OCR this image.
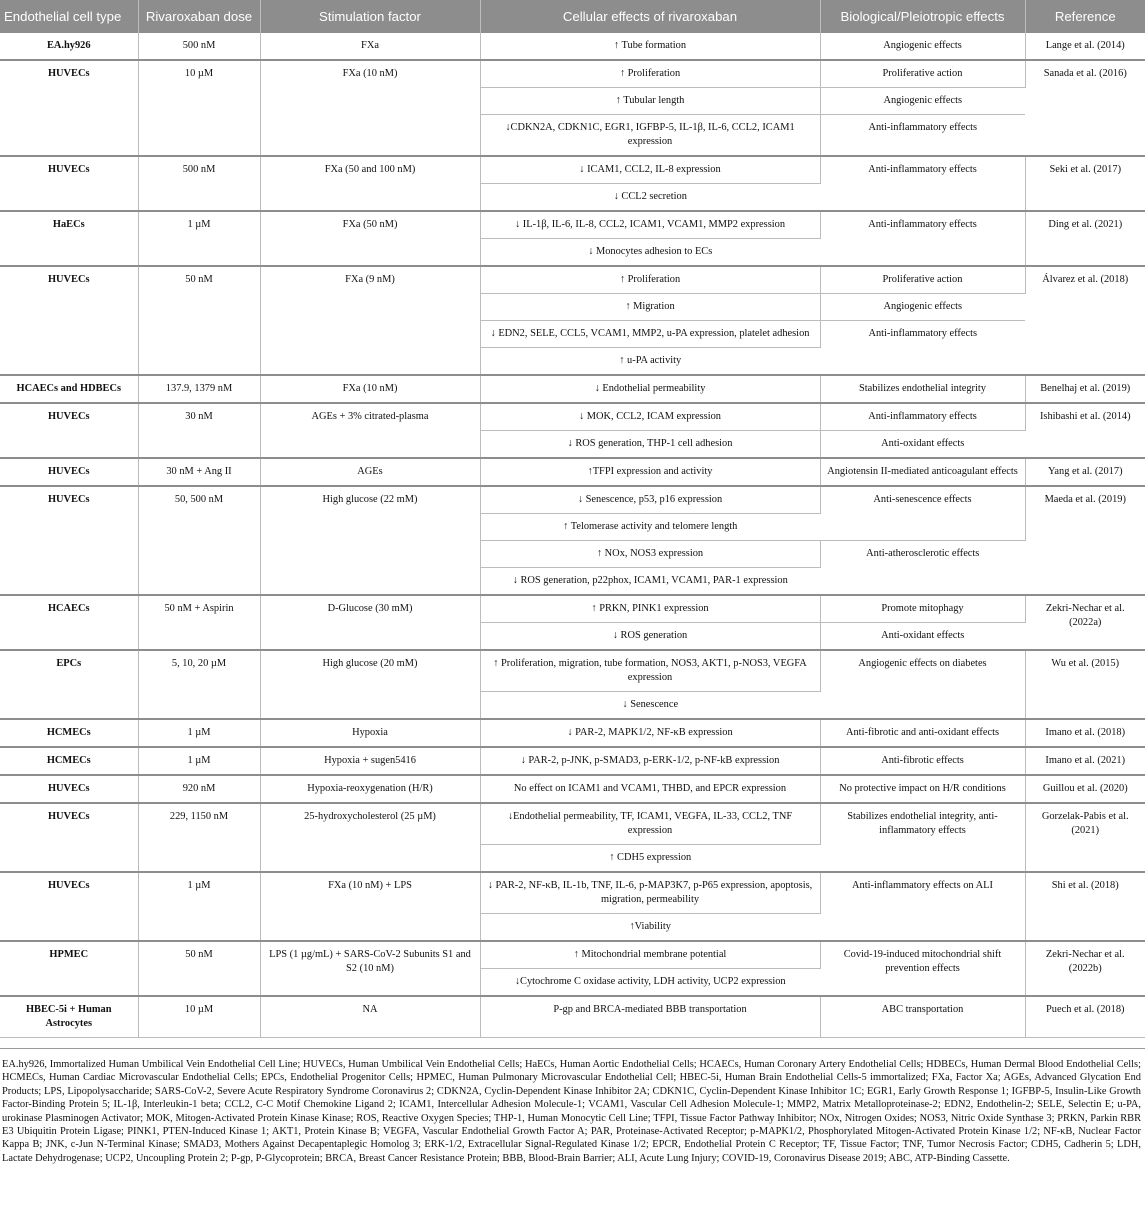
Endothelial cell type	Rivaroxaban dose	Stimulation factor	Cellular effects of rivaroxaban	Biological/Pleiotropic effects	Reference
EA.hy926	500 nM	FXa	↑ Tube formation	Angiogenic effects	Lange et al. (2014)
HUVECs	10 µM	FXa (10 nM)	↑ Proliferation	Proliferative action	Sanada et al. (2016)
			↑ Tubular length	Angiogenic effects	
			↓CDKN2A, CDKN1C, EGR1, IGFBP-5, IL-1β, IL-6, CCL2, ICAM1 expression	Anti-inflammatory effects	
HUVECs	500 nM	FXa (50 and 100 nM)	↓ ICAM1, CCL2, IL-8 expression	Anti-inflammatory effects	Seki et al. (2017)
			↓ CCL2 secretion		
HaECs	1 µM	FXa (50 nM)	↓ IL-1β, IL-6, IL-8, CCL2, ICAM1, VCAM1, MMP2 expression	Anti-inflammatory effects	Ding et al. (2021)
			↓ Monocytes adhesion to ECs		
HUVECs	50 nM	FXa (9 nM)	↑ Proliferation	Proliferative action	Álvarez et al. (2018)
			↑ Migration	Angiogenic effects	
			↓ EDN2, SELE, CCL5, VCAM1, MMP2, u-PA expression, platelet adhesion	Anti-inflammatory effects	
			↑ u-PA activity		
HCAECs and HDBECs	137.9, 1379 nM	FXa (10 nM)	↓ Endothelial permeability	Stabilizes endothelial integrity	Benelhaj et al. (2019)
HUVECs	30 nM	AGEs + 3% citrated-plasma	↓ MOK, CCL2, ICAM expression	Anti-inflammatory effects	Ishibashi et al. (2014)
			↓ ROS generation, THP-1 cell adhesion	Anti-oxidant effects	
HUVECs	30 nM + Ang II	AGEs	↑TFPI expression and activity	Angiotensin II-mediated anticoagulant effects	Yang et al. (2017)
HUVECs	50, 500 nM	High glucose (22 mM)	↓ Senescence, p53, p16 expression	Anti-senescence effects	Maeda et al. (2019)
			↑ Telomerase activity and telomere length		
			↑ NOx, NOS3 expression	Anti-atherosclerotic effects	
			↓ ROS generation, p22phox, ICAM1, VCAM1, PAR-1 expression		
HCAECs	50 nM + Aspirin	D-Glucose (30 mM)	↑ PRKN, PINK1 expression	Promote mitophagy	Zekri-Nechar et al. (2022a)
			↓ ROS generation	Anti-oxidant effects	
EPCs	5, 10, 20 µM	High glucose (20 mM)	↑ Proliferation, migration, tube formation, NOS3, AKT1, p-NOS3, VEGFA expression	Angiogenic effects on diabetes	Wu et al. (2015)
			↓ Senescence		
HCMECs	1 µM	Hypoxia	↓ PAR-2, MAPK1/2, NF-κB expression	Anti-fibrotic and anti-oxidant effects	Imano et al. (2018)
HCMECs	1 µM	Hypoxia + sugen5416	↓ PAR-2, p-JNK, p-SMAD3, p-ERK-1/2, p-NF-kB expression	Anti-fibrotic effects	Imano et al. (2021)
HUVECs	920 nM	Hypoxia-reoxygenation (H/R)	No effect on ICAM1 and VCAM1, THBD, and EPCR expression	No protective impact on H/R conditions	Guillou et al. (2020)
HUVECs	229, 1150 nM	25-hydroxycholesterol (25 µM)	↓Endothelial permeability, TF, ICAM1, VEGFA, IL-33, CCL2, TNF expression	Stabilizes endothelial integrity, anti-inflammatory effects	Gorzelak-Pabis et al. (2021)
			↑ CDH5 expression		
HUVECs	1 µM	FXa (10 nM) + LPS	↓ PAR-2, NF-κB, IL-1b, TNF, IL-6, p-MAP3K7, p-P65 expression, apoptosis, migration, permeability	Anti-inflammatory effects on ALI	Shi et al. (2018)
			↑Viability		
HPMEC	50 nM	LPS (1 µg/mL) + SARS-CoV-2 Subunits S1 and S2 (10 nM)	↑ Mitochondrial membrane potential	Covid-19-induced mitochondrial shift prevention effects	Zekri-Nechar et al. (2022b)
			↓Cytochrome C oxidase activity, LDH activity, UCP2 expression		
HBEC-5i + Human Astrocytes	10 µM	NA	P-gp and BRCA-mediated BBB transportation	ABC transportation	Puech et al. (2018)
EA.hy926, Immortalized Human Umbilical Vein Endothelial Cell Line; HUVECs, Human Umbilical Vein Endothelial Cells; HaECs, Human Aortic Endothelial Cells; HCAECs, Human Coronary Artery Endothelial Cells; HDBECs, Human Dermal Blood Endothelial Cells; HCMECs, Human Cardiac Microvascular Endothelial Cells; EPCs, Endothelial Progenitor Cells; HPMEC, Human Pulmonary Microvascular Endothelial Cell; HBEC-5i, Human Brain Endothelial Cells-5 immortalized; FXa, Factor Xa; AGEs, Advanced Glycation End Products; LPS, Lipopolysaccharide; SARS-CoV-2, Severe Acute Respiratory Syndrome Coronavirus 2; CDKN2A, Cyclin-Dependent Kinase Inhibitor 2A; CDKN1C, Cyclin-Dependent Kinase Inhibitor 1C; EGR1, Early Growth Response 1; IGFBP-5, Insulin-Like Growth Factor-Binding Protein 5; IL-1β, Interleukin-1 beta; CCL2, C-C Motif Chemokine Ligand 2; ICAM1, Intercellular Adhesion Molecule-1; VCAM1, Vascular Cell Adhesion Molecule-1; MMP2, Matrix Metalloproteinase-2; EDN2, Endothelin-2; SELE, Selectin E; u-PA, urokinase Plasminogen Activator; MOK, Mitogen-Activated Protein Kinase Kinase; ROS, Reactive Oxygen Species; THP-1, Human Monocytic Cell Line; TFPI, Tissue Factor Pathway Inhibitor; NOx, Nitrogen Oxides; NOS3, Nitric Oxide Synthase 3; PRKN, Parkin RBR E3 Ubiquitin Protein Ligase; PINK1, PTEN-Induced Kinase 1; AKT1, Protein Kinase B; VEGFA, Vascular Endothelial Growth Factor A; PAR, Proteinase-Activated Receptor; p-MAPK1/2, Phosphorylated Mitogen-Activated Protein Kinase 1/2; NF-κB, Nuclear Factor Kappa B; JNK, c-Jun N-Terminal Kinase; SMAD3, Mothers Against Decapentaplegic Homolog 3; ERK-1/2, Extracellular Signal-Regulated Kinase 1/2; EPCR, Endothelial Protein C Receptor; TF, Tissue Factor; TNF, Tumor Necrosis Factor; CDH5, Cadherin 5; LDH, Lactate Dehydrogenase; UCP2, Uncoupling Protein 2; P-gp, P-Glycoprotein; BRCA, Breast Cancer Resistance Protein; BBB, Blood-Brain Barrier; ALI, Acute Lung Injury; COVID-19, Coronavirus Disease 2019; ABC, ATP-Binding Cassette.
